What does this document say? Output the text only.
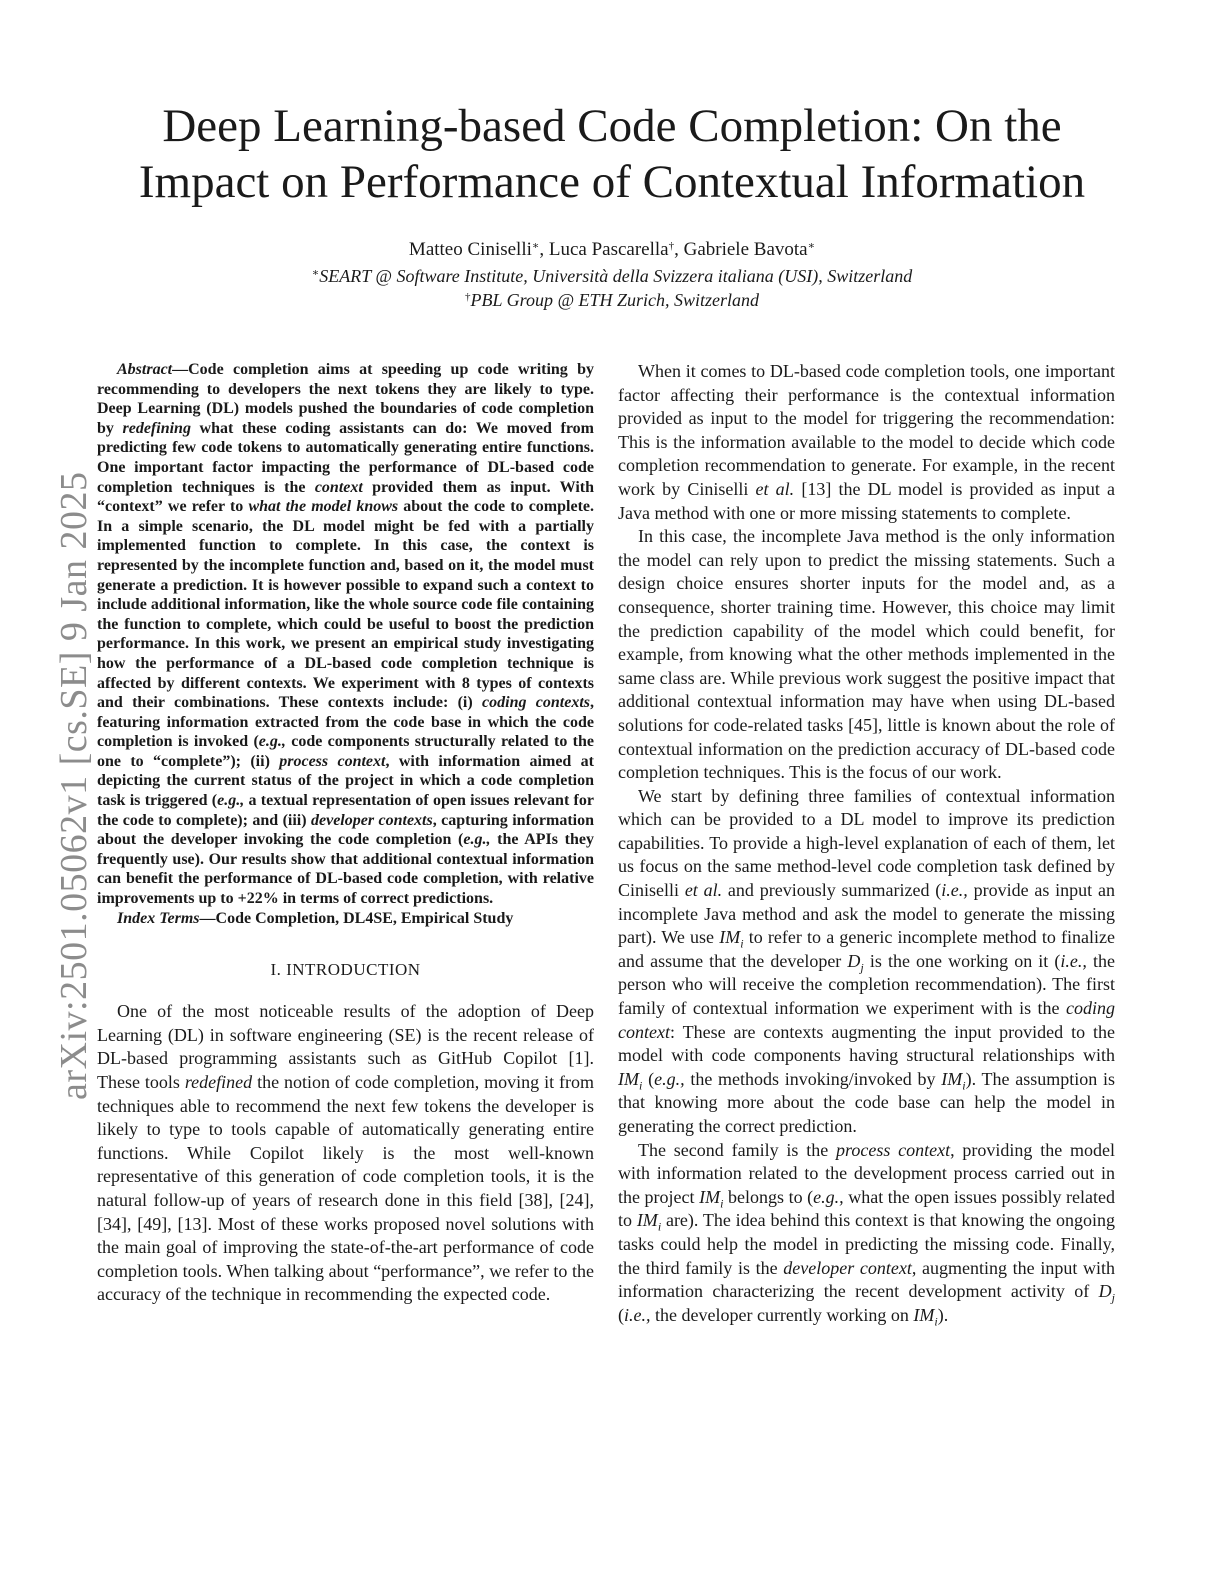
arXiv:2501.05062v1 [cs.SE] 9 Jan 2025
Deep Learning-based Code Completion: On the Impact on Performance of Contextual Information
Matteo Ciniselli∗, Luca Pascarella†, Gabriele Bavota∗
∗SEART @ Software Institute, Università della Svizzera italiana (USI), Switzerland
†PBL Group @ ETH Zurich, Switzerland

Abstract—Code completion aims at speeding up code writing by recommending to developers the next tokens they are likely to type. Deep Learning (DL) models pushed the boundaries of code completion by redefining what these coding assistants can do: We moved from predicting few code tokens to automatically generating entire functions. One important factor impacting the performance of DL-based code completion techniques is the context provided them as input. With “context” we refer to what the model knows about the code to complete. In a simple scenario, the DL model might be fed with a partially implemented function to complete. In this case, the context is represented by the incomplete function and, based on it, the model must generate a prediction. It is however possible to expand such a context to include additional information, like the whole source code file containing the function to complete, which could be useful to boost the prediction performance. In this work, we present an empirical study investigating how the performance of a DL-based code completion technique is affected by different contexts. We experiment with 8 types of contexts and their combinations. These contexts include: (i) coding contexts, featuring information extracted from the code base in which the code completion is invoked (e.g., code components structurally related to the one to “complete”); (ii) process context, with information aimed at depicting the current status of the project in which a code completion task is triggered (e.g., a textual representation of open issues relevant for the code to complete); and (iii) developer contexts, capturing information about the developer invoking the code completion (e.g., the APIs they frequently use). Our results show that additional contextual information can benefit the performance of DL-based code completion, with relative improvements up to +22% in terms of correct predictions.

Index Terms—Code Completion, DL4SE, Empirical Study

I. INTRODUCTION

One of the most noticeable results of the adoption of Deep Learning (DL) in software engineering (SE) is the recent release of DL-based programming assistants such as GitHub Copilot [1]. These tools redefined the notion of code completion, moving it from techniques able to recommend the next few tokens the developer is likely to type to tools capable of automatically generating entire functions. While Copilot likely is the most well-known representative of this generation of code completion tools, it is the natural follow-up of years of research done in this field [38], [24], [34], [49], [13]. Most of these works proposed novel solutions with the main goal of improving the state-of-the-art performance of code completion tools. When talking about “performance”, we refer to the accuracy of the technique in recommending the expected code.

When it comes to DL-based code completion tools, one important factor affecting their performance is the contextual information provided as input to the model for triggering the recommendation: This is the information available to the model to decide which code completion recommendation to generate. For example, in the recent work by Ciniselli et al. [13] the DL model is provided as input a Java method with one or more missing statements to complete.

In this case, the incomplete Java method is the only information the model can rely upon to predict the missing statements. Such a design choice ensures shorter inputs for the model and, as a consequence, shorter training time. However, this choice may limit the prediction capability of the model which could benefit, for example, from knowing what the other methods implemented in the same class are. While previous work suggest the positive impact that additional contextual information may have when using DL-based solutions for code-related tasks [45], little is known about the role of contextual information on the prediction accuracy of DL-based code completion techniques. This is the focus of our work.

We start by defining three families of contextual information which can be provided to a DL model to improve its prediction capabilities. To provide a high-level explanation of each of them, let us focus on the same method-level code completion task defined by Ciniselli et al. and previously summarized (i.e., provide as input an incomplete Java method and ask the model to generate the missing part). We use $IM_i$ to refer to a generic incomplete method to finalize and assume that the developer $D_j$ is the one working on it (i.e., the person who will receive the completion recommendation). The first family of contextual information we experiment with is the coding context: These are contexts augmenting the input provided to the model with code components having structural relationships with $IM_i$ (e.g., the methods invoking/invoked by $IM_i$). The assumption is that knowing more about the code base can help the model in generating the correct prediction.

The second family is the process context, providing the model with information related to the development process carried out in the project $IM_i$ belongs to (e.g., what the open issues possibly related to $IM_i$ are). The idea behind this context is that knowing the ongoing tasks could help the model in predicting the missing code. Finally, the third family is the developer context, augmenting the input with information characterizing the recent development activity of $D_j$ (i.e., the developer currently working on $IM_i$).
